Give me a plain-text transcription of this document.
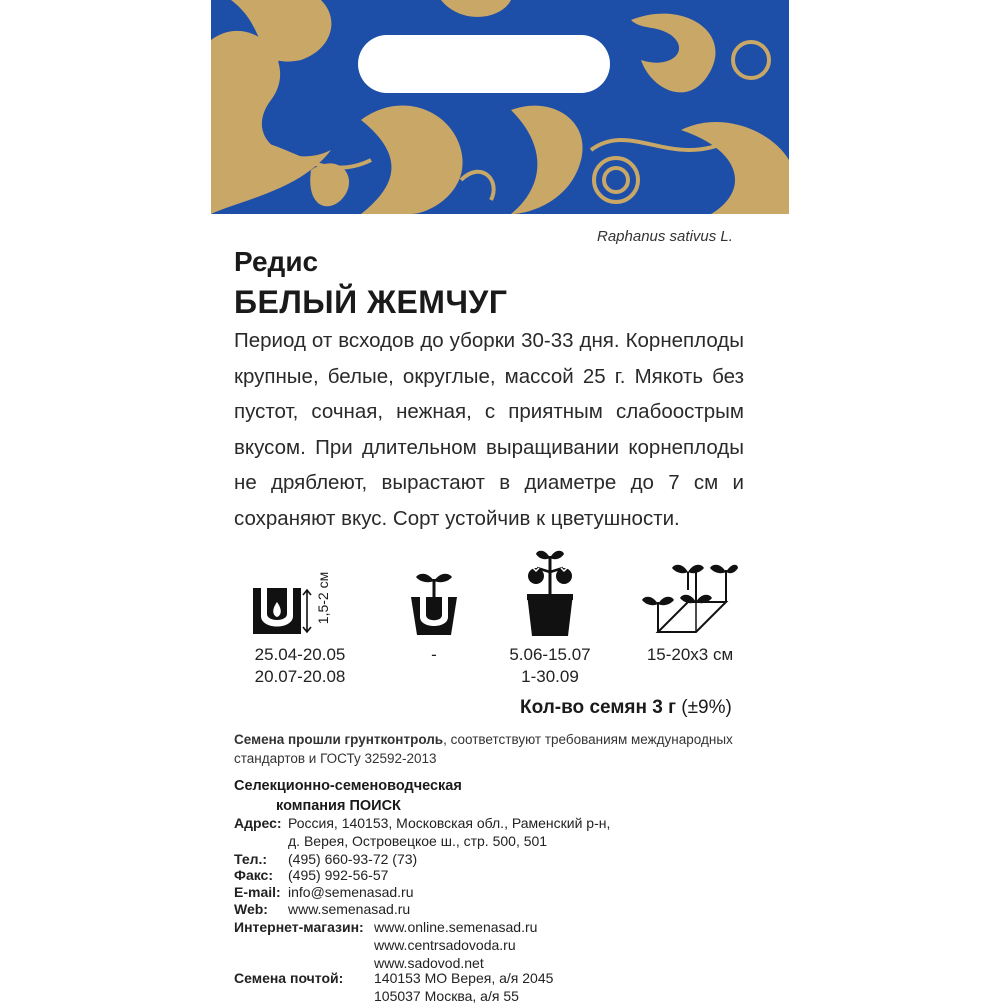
Raphanus sativus L.
Редис
БЕЛЫЙ ЖЕМЧУГ
Период от всходов до уборки 30-33 дня. Корнеплоды крупные, белые, округлые, массой 25 г. Мякоть без пустот, сочная, нежная, с приятным слабоострым вкусом. При длительном выращивании корнеплоды не дряблеют, вырастают в диаметре до 7 см и сохраняют вкус. Сорт устойчив к цветушности.
1,5-2 см
25.04-20.05
20.07-20.08
-	5.06-15.07
1-30.09
15-20х3 см
Кол-во семян 3 г (±9%)
Семена прошли грунтконтроль, соответствуют требованиям международных стандартов и ГОСТу 32592-2013
Селекционно-семеноводческая
компания ПОИСК
Адрес: Россия, 140153, Московская обл., Раменский р-н,
д. Верея, Островецкое ш., стр. 500, 501
Тел.: (495) 660-93-72 (73)
Факс: (495) 992-56-57
E-mail: info@semenasad.ru
Web: www.semenasad.ru
Интернет-магазин: www.online.semenasad.ru
www.centrsadovoda.ru
www.sadovod.net
Семена почтой: 140153 МО Верея, а/я 2045
105037 Москва, а/я 55
